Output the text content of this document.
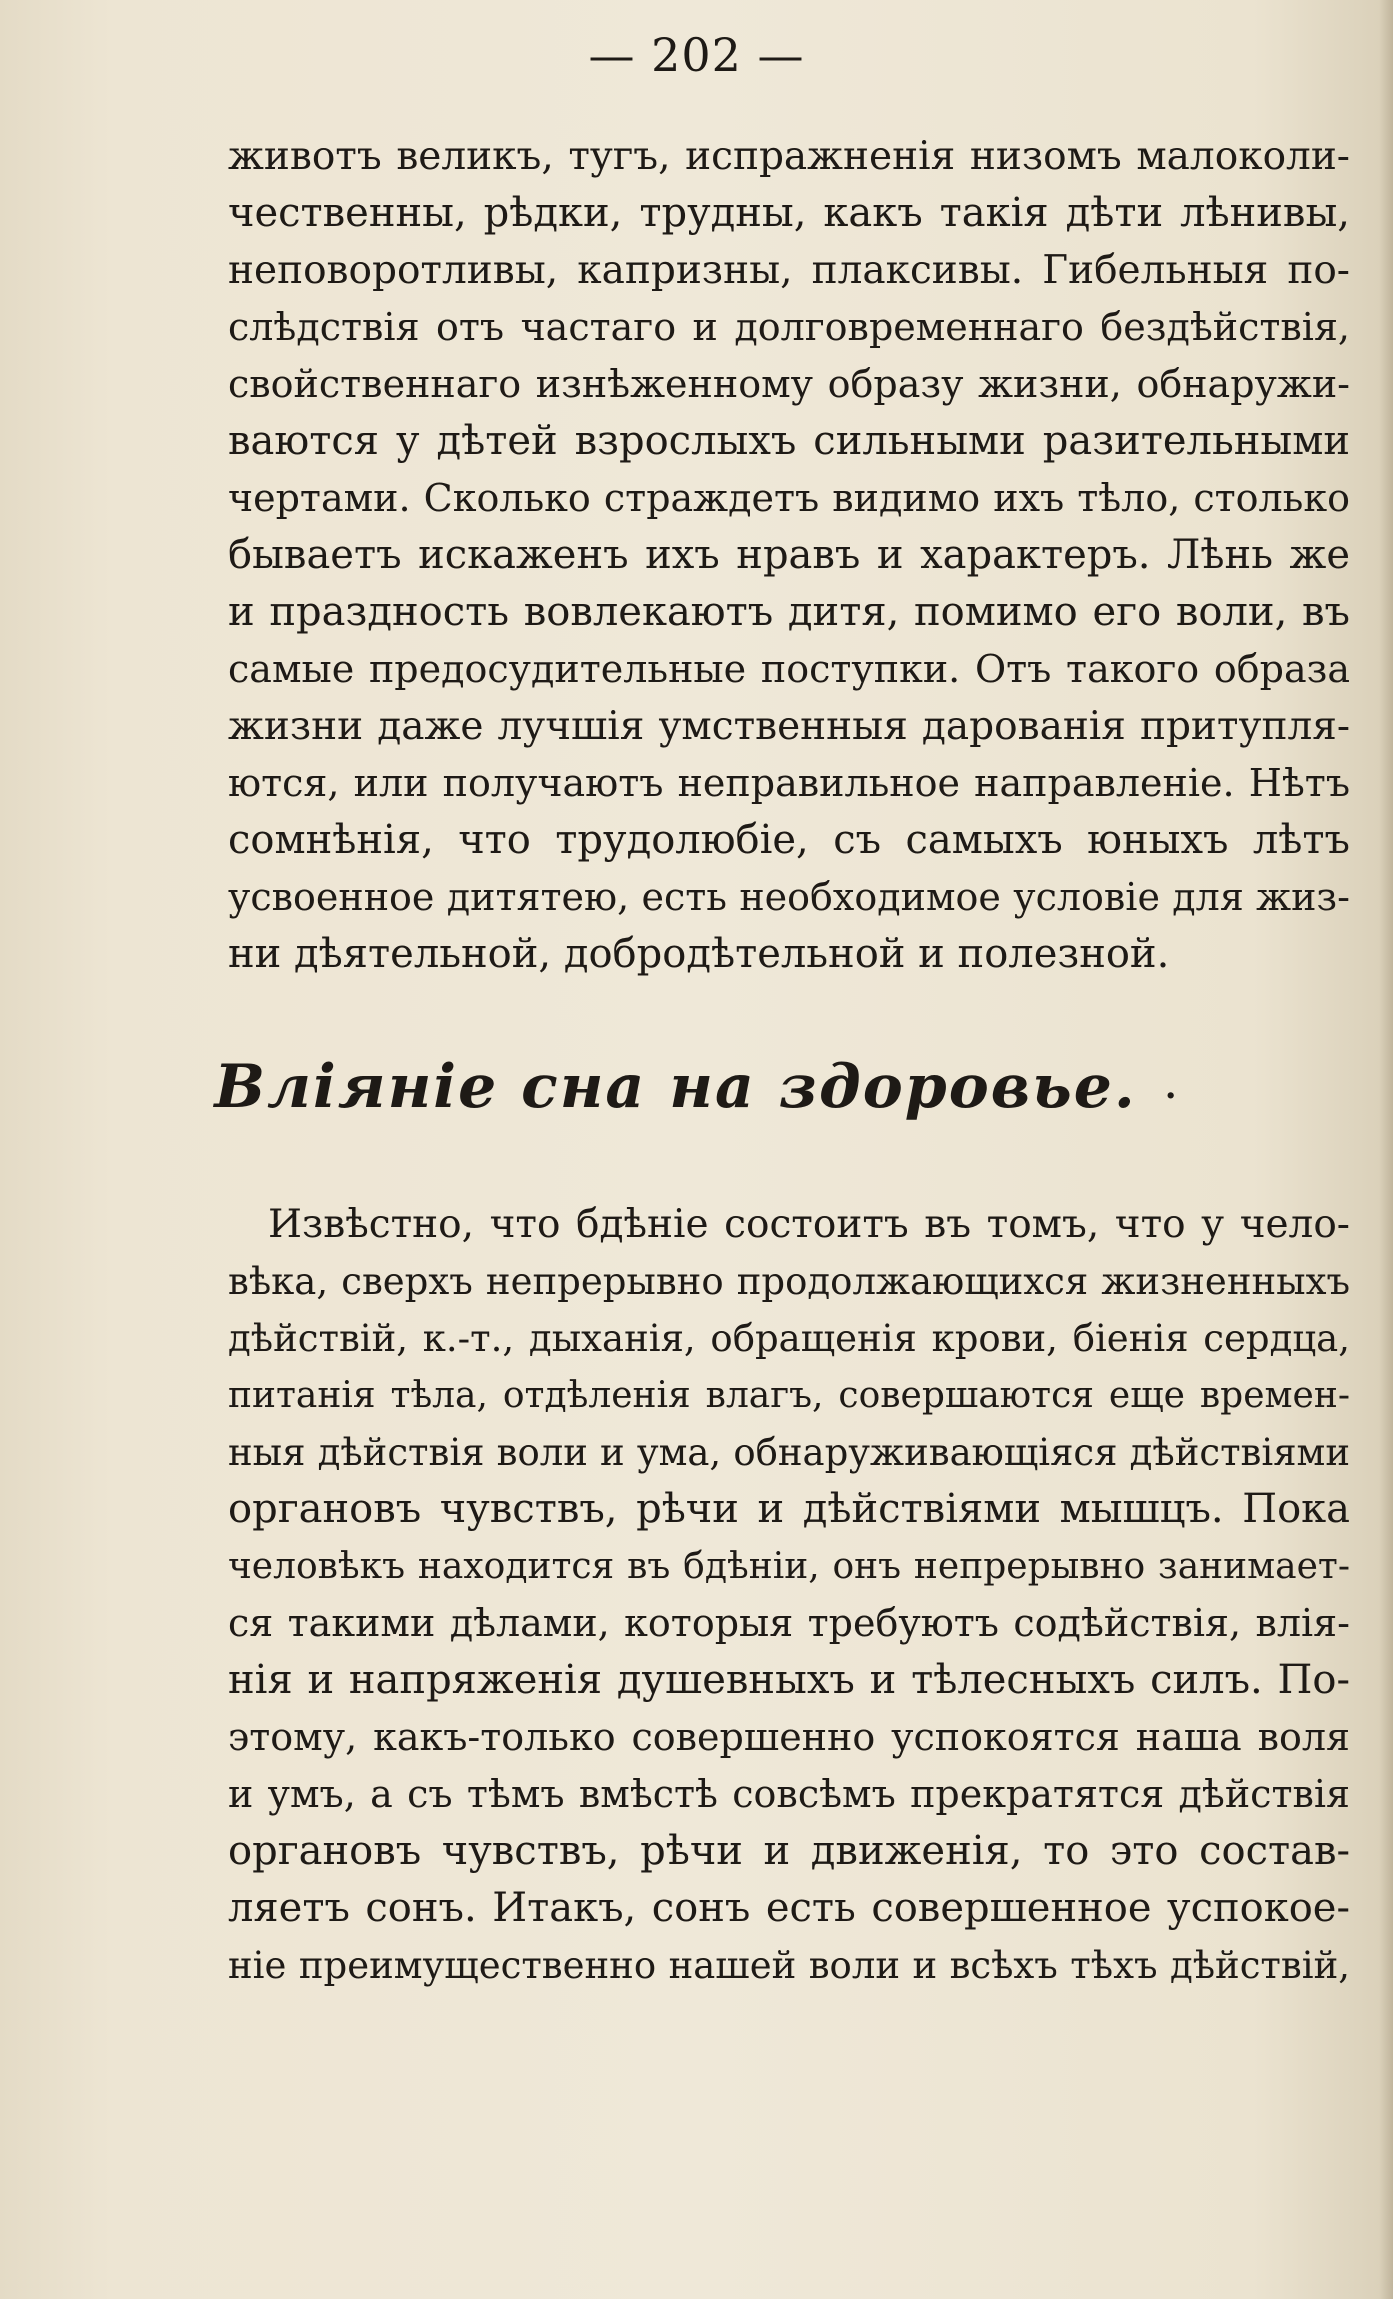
— 202 —
животъ великъ, тугъ, испражненія низомъ малоколи-
чественны, рѣдки, трудны, какъ такія дѣти лѣнивы,
неповоротливы, капризны, плаксивы. Гибельныя по-
слѣдствія отъ частаго и долговременнаго бездѣйствія,
свойственнаго изнѣженному образу жизни, обнаружи-
ваются у дѣтей взрослыхъ сильными разительными
чертами. Сколько страждетъ видимо ихъ тѣло, столько
бываетъ искаженъ ихъ нравъ и характеръ. Лѣнь же
и праздность вовлекаютъ дитя, помимо его воли, въ
самые предосудительные поступки. Отъ такого образа
жизни даже лучшія умственныя дарованія притупля-
ются, или получаютъ неправильное направленіе. Нѣтъ
сомнѣнія, что трудолюбіе, съ самыхъ юныхъ лѣтъ
усвоенное дитятею, есть необходимое условіе для жиз-
ни дѣятельной, добродѣтельной и полезной.
Вліяніе сна на здоровье. ·
Извѣстно, что бдѣніе состоитъ въ томъ, что у чело-
вѣка, сверхъ непрерывно продолжающихся жизненныхъ
дѣйствій, к.-т., дыханія, обращенія крови, біенія сердца,
питанія тѣла, отдѣленія влагъ, совершаются еще времен-
ныя дѣйствія воли и ума, обнаруживающіяся дѣйствіями
органовъ чувствъ, рѣчи и дѣйствіями мышцъ. Пока
человѣкъ находится въ бдѣніи, онъ непрерывно занимает-
ся такими дѣлами, которыя требуютъ содѣйствія, влія-
нія и напряженія душевныхъ и тѣлесныхъ силъ. По-
этому, какъ-только совершенно успокоятся наша воля
и умъ, а съ тѣмъ вмѣстѣ совсѣмъ прекратятся дѣйствія
органовъ чувствъ, рѣчи и движенія, то это состав-
ляетъ сонъ. Итакъ, сонъ есть совершенное успокое-
ніе преимущественно нашей воли и всѣхъ тѣхъ дѣйствій,
